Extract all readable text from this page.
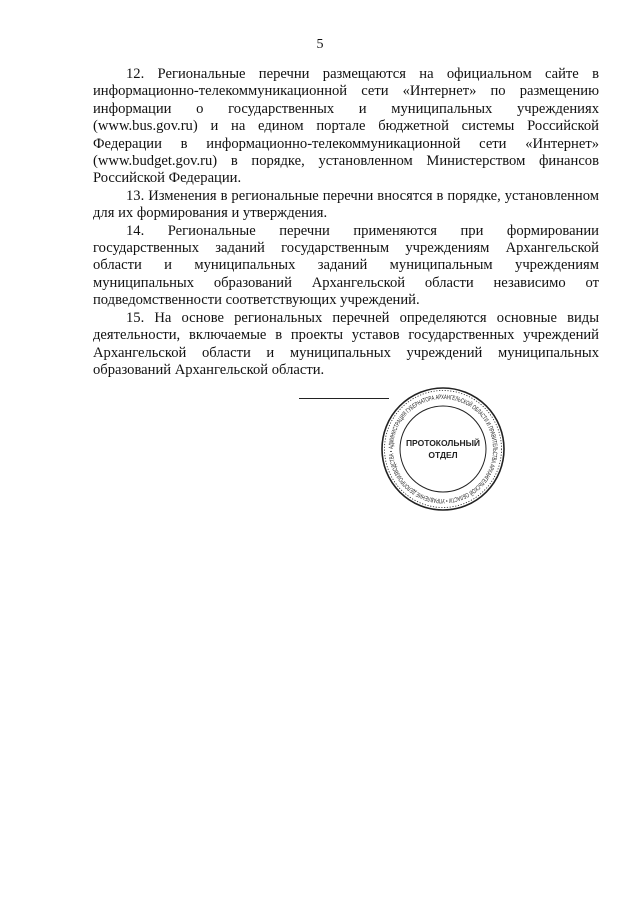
5

12. Региональные перечни размещаются на официальном сайте в информационно-телекоммуникационной сети «Интернет» по размещению информации о государственных и муниципальных учреждениях (www.bus.gov.ru) и на едином портале бюджетной системы Российской Федерации в информационно-телекоммуникационной сети «Интернет» (www.budget.gov.ru) в порядке, установленном Министерством финансов Российской Федерации.

13. Изменения в региональные перечни вносятся в порядке, установленном для их формирования и утверждения.

14. Региональные перечни применяются при формировании государственных заданий государственным учреждениям Архангельской области и муниципальных заданий муниципальным учреждениям муниципальных образований Архангельской области независимо от подведомственности соответствующих учреждений.

15. На основе региональных перечней определяются основные виды деятельности, включаемые в проекты уставов государственных учреждений Архангельской области и муниципальных учреждений муниципальных образований Архангельской области.

АДМИНИСТРАЦИЯ ГУБЕРНАТОРА АРХАНГЕЛЬСКОЙ ОБЛАСТИ И ПРАВИТЕЛЬСТВА АРХАНГЕЛЬСКОЙ ОБЛАСТИ • УПРАВЛЕНИЕ ДЕЛОПРОИЗВОДСТВА •
ПРОТОКОЛЬНЫЙ
ОТДЕЛ
